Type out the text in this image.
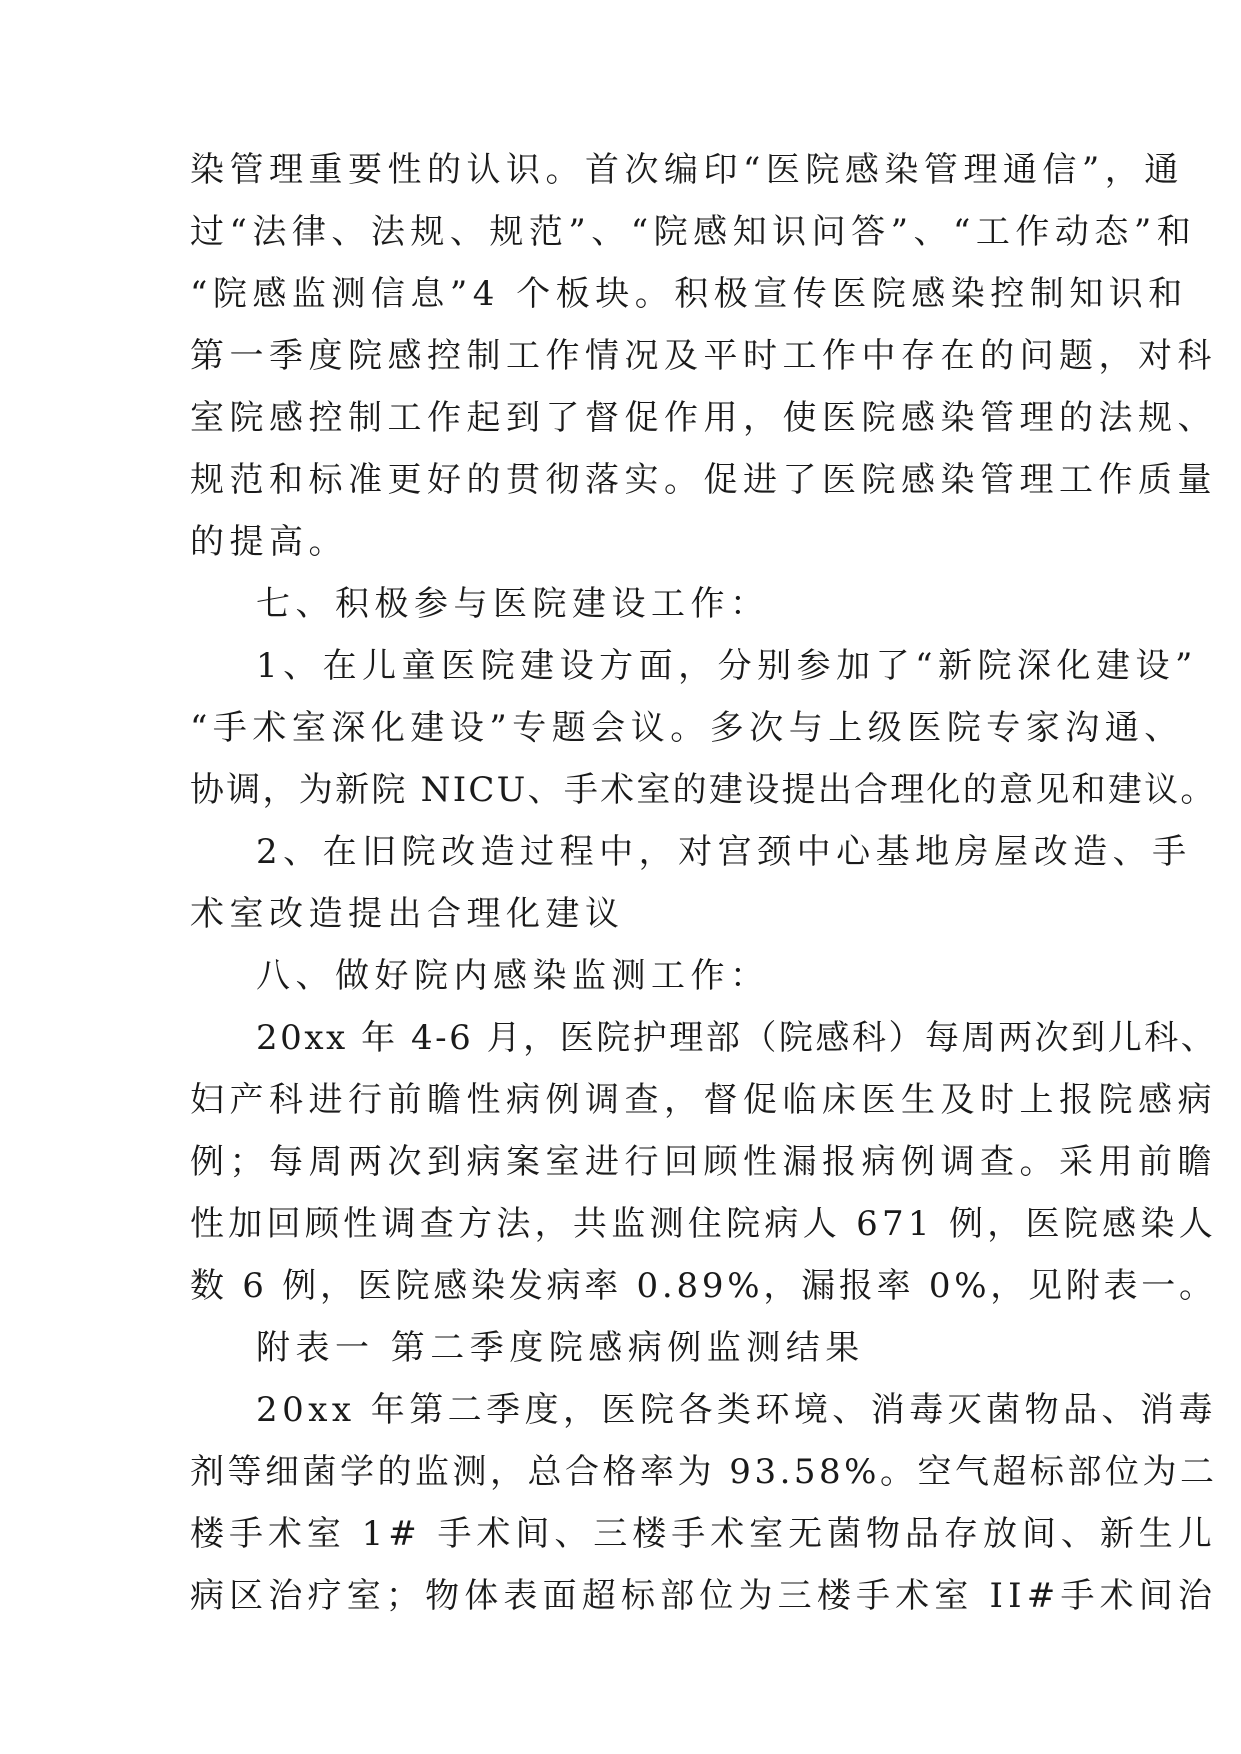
染管理重要性的认识。首次编印“医院感染管理通信”，通
过“法律、法规、规范”、“院感知识问答”、“工作动态”和
“院感监测信息”4 个板块。积极宣传医院感染控制知识和
第一季度院感控制工作情况及平时工作中存在的问题，对科
室院感控制工作起到了督促作用，使医院感染管理的法规、
规范和标准更好的贯彻落实。促进了医院感染管理工作质量
的提高。
七、积极参与医院建设工作：
1、在儿童医院建设方面，分别参加了“新院深化建设”
“手术室深化建设”专题会议。多次与上级医院专家沟通、
协调，为新院 NICU、手术室的建设提出合理化的意见和建议。
2、在旧院改造过程中，对宫颈中心基地房屋改造、手
术室改造提出合理化建议
八、做好院内感染监测工作：
20xx 年 4-6 月，医院护理部（院感科）每周两次到儿科、
妇产科进行前瞻性病例调查，督促临床医生及时上报院感病
例；每周两次到病案室进行回顾性漏报病例调查。采用前瞻
性加回顾性调查方法，共监测住院病人 671 例，医院感染人
数 6 例，医院感染发病率 0.89%，漏报率 0%，见附表一。
附表一 第二季度院感病例监测结果
20xx 年第二季度，医院各类环境、消毒灭菌物品、消毒
剂等细菌学的监测，总合格率为 93.58%。空气超标部位为二
楼手术室 1# 手术间、三楼手术室无菌物品存放间、新生儿
病区治疗室；物体表面超标部位为三楼手术室 II#手术间治
